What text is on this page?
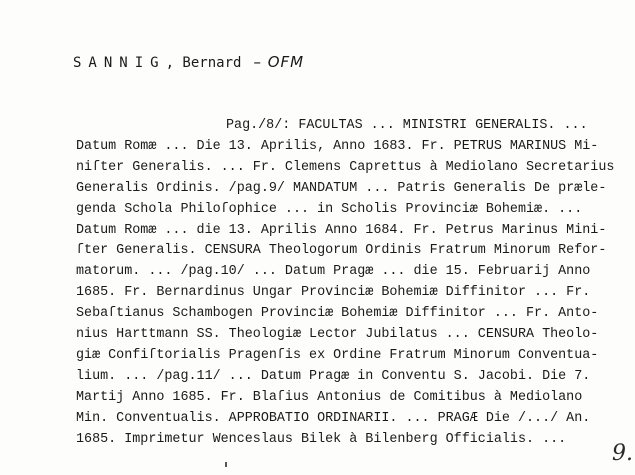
SANNIG, Bernard – OFM
Pag./8/: FACULTAS ... MINISTRI GENERALIS. ...
Datum Romæ ... Die 13. Aprilis, Anno 1683. Fr. PETRUS MARINUS Mi-
niſter Generalis. ... Fr. Clemens Caprettus à Mediolano Secretarius
Generalis Ordinis. /pag.9/ MANDATUM ... Patris Generalis De præle-
genda Schola Philoſophice ... in Scholis Provinciæ Bohemiæ. ...
Datum Romæ ... die 13. Aprilis Anno 1684. Fr. Petrus Marinus Mini-
ſter Generalis. CENSURA Theologorum Ordinis Fratrum Minorum Refor-
matorum. ... /pag.10/ ... Datum Pragæ ... die 15. Februarij Anno
1685. Fr. Bernardinus Ungar Provinciæ Bohemiæ Diffinitor ... Fr.
Sebaſtianus Schambogen Provinciæ Bohemiæ Diffinitor ... Fr. Anto-
nius Harttmann SS. Theologiæ Lector Jubilatus ... CENSURA Theolo-
giæ Confiſtorialis Pragenſis ex Ordine Fratrum Minorum Conventua-
lium. ... /pag.11/ ... Datum Pragæ in Conventu S. Jacobi. Die 7.
Martij Anno 1685. Fr. Blaſius Antonius de Comitibus à Mediolano
Min. Conventualis. APPROBATIO ORDINARII. ... PRAGÆ Die /.../ An.
1685. Imprimetur Wenceslaus Bilek à Bilenberg Officialis. ...
9.
